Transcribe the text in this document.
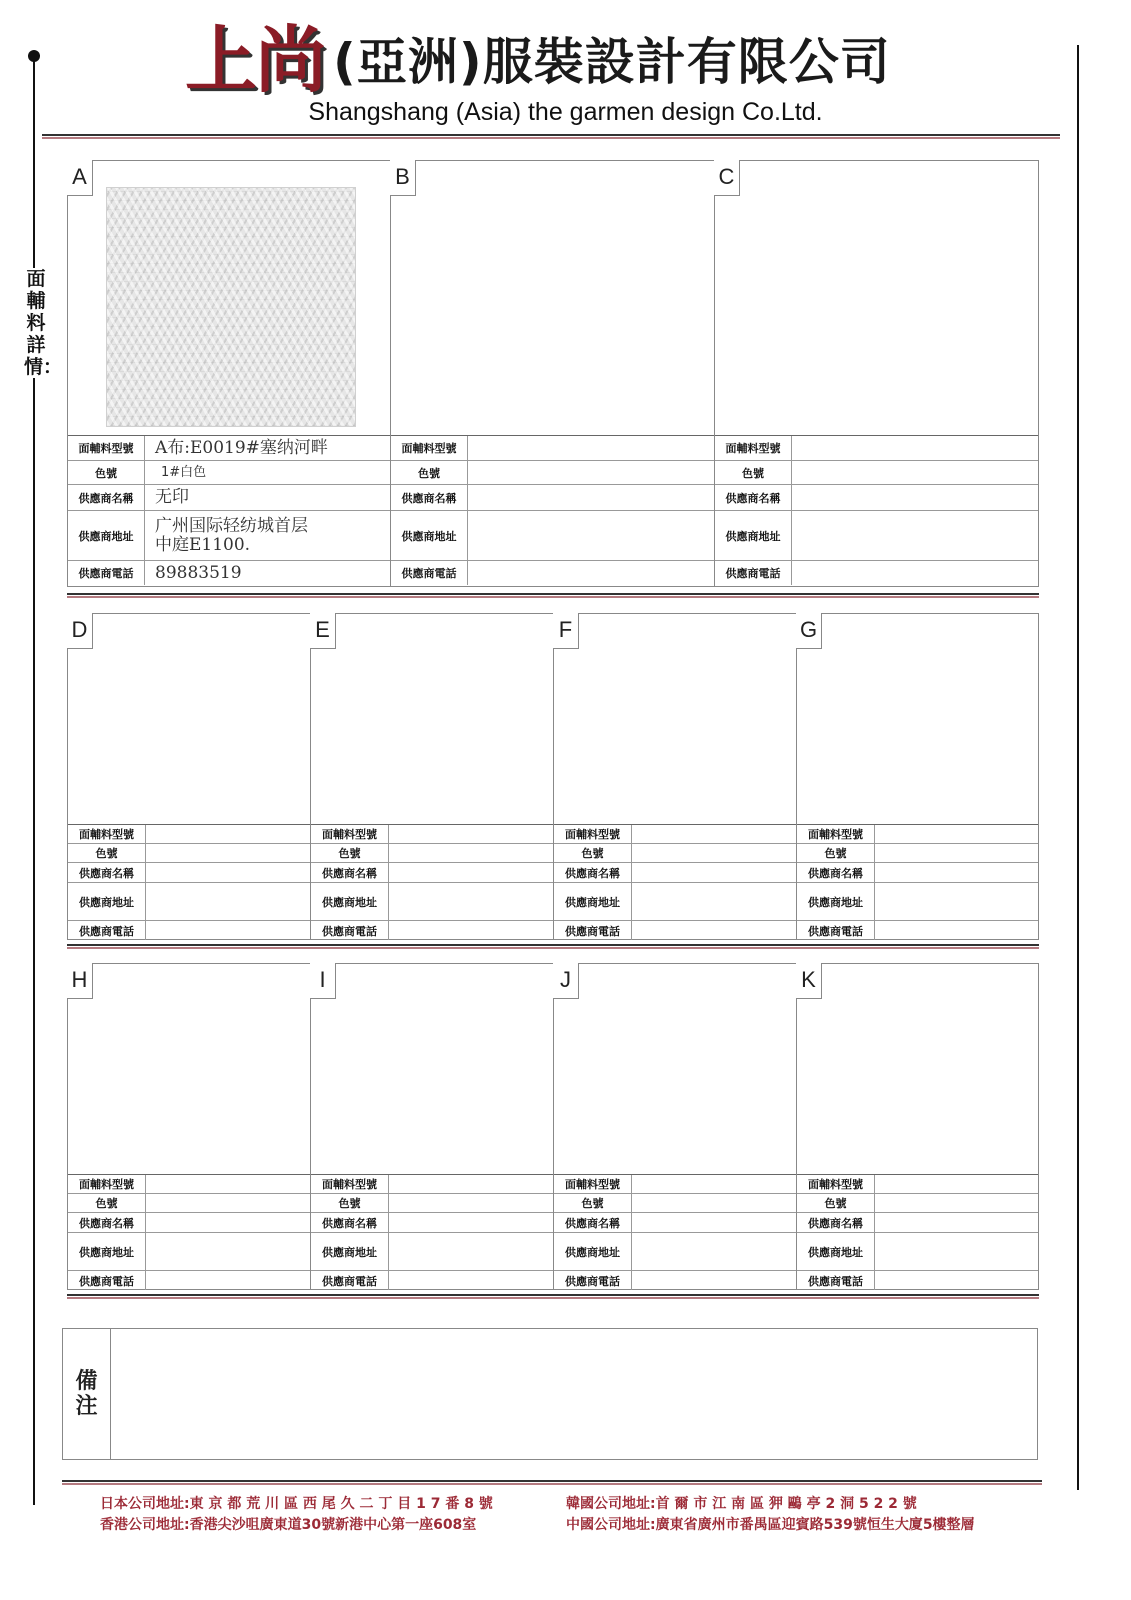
上尚 (亞洲)服裝設計有限公司
Shangshang (Asia) the garmen design Co.Ltd.
面輔料詳情：
A
面輔料型號	A布:E0019#塞纳河畔
色號	1#白色
供應商名稱	无印
供應商地址
广州国际轻纺城首层
中庭E1100.
供應商電話	89883519
B
面輔料型號
色號
供應商名稱
供應商地址
供應商電話
C
面輔料型號
色號
供應商名稱
供應商地址
供應商電話
D
面輔料型號
色號
供應商名稱
供應商地址
供應商電話
E
面輔料型號
色號
供應商名稱
供應商地址
供應商電話
F
面輔料型號
色號
供應商名稱
供應商地址
供應商電話
G
面輔料型號
色號
供應商名稱
供應商地址
供應商電話
H
面輔料型號
色號
供應商名稱
供應商地址
供應商電話
I
面輔料型號
色號
供應商名稱
供應商地址
供應商電話
J
面輔料型號
色號
供應商名稱
供應商地址
供應商電話
K
面輔料型號
色號
供應商名稱
供應商地址
供應商電話
備注
日本公司地址:東 京 都 荒 川 區 西 尾 久 二 丁 目 1 7 番 8 號	韓國公司地址:首 爾 市 江 南 區 狎 鷗 亭 2 洞 5 2 2 號
香港公司地址:香港尖沙咀廣東道30號新港中心第一座608室	中國公司地址:廣東省廣州市番禺區迎賓路539號恒生大廈5樓整層
